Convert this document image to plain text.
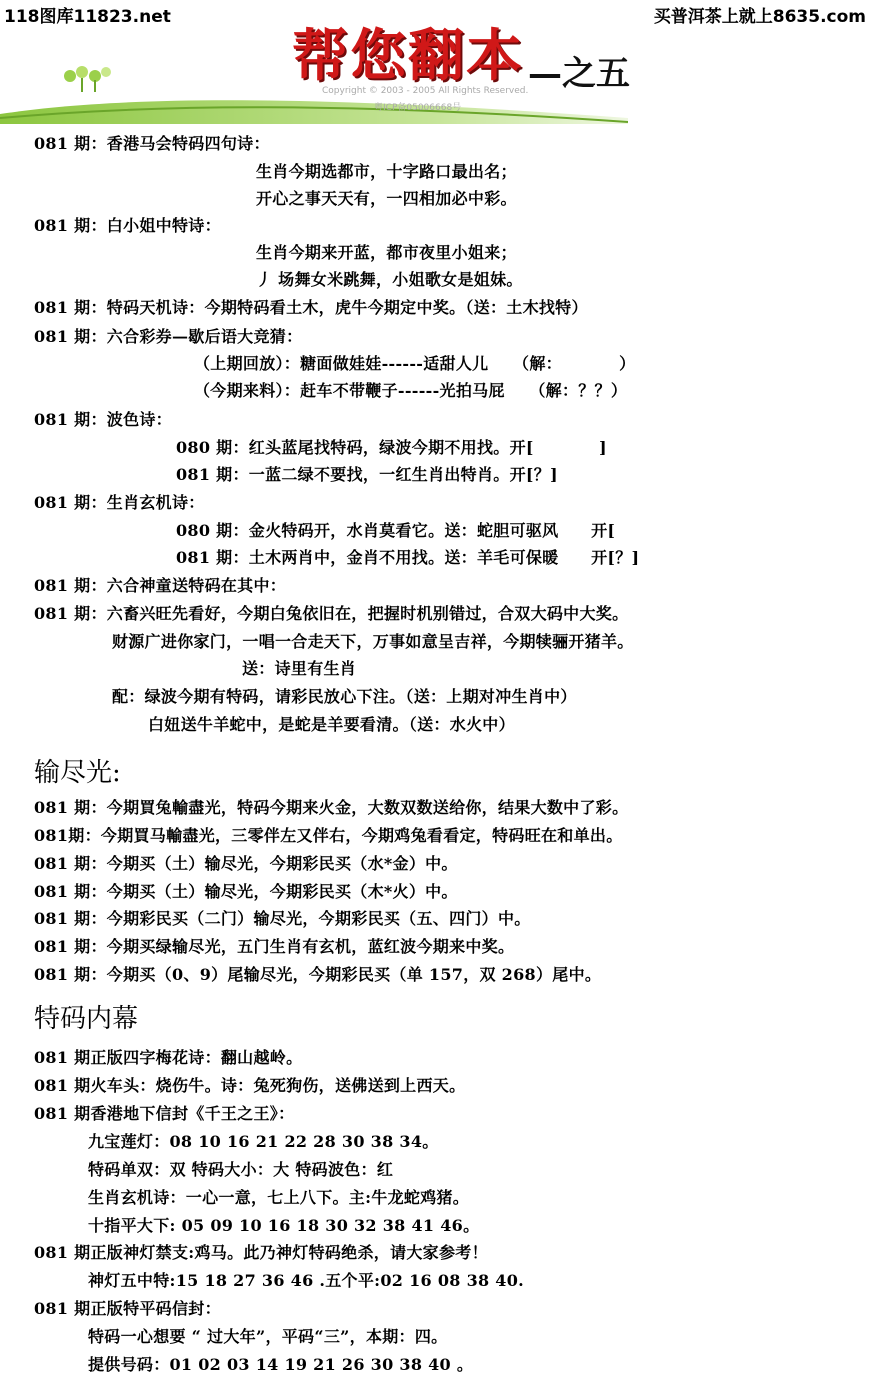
118图库11823.net	买普洱茶上就上8635.com
帮您翻本 —之五
Copyright © 2003 - 2005 All Rights Reserved.
粤ICP备05006668号
081 期：香港马会特码四句诗：
生肖今期选都市，十字路口最出名；
开心之事天天有，一四相加必中彩。
081 期：白小姐中特诗：
生肖今期来开蓝，都市夜里小姐来；
丿 场舞女米跳舞，小姐歌女是姐妹。
081 期：特码天机诗：今期特码看土木，虎牛今期定中奖。（送：土木找特）
081 期：六合彩券—歇后语大竞猜：
（上期回放）：糖面做娃娃------适甜人儿　　（解：　　　　）
（今期来料）：赶车不带鞭子------光拍马屁　　（解：？？）
081 期：波色诗：
080 期：红头蓝尾找特码，绿波今期不用找。开[　　　　]
081 期：一蓝二绿不要找，一红生肖出特肖。开[？]
081 期：生肖玄机诗：
080 期：金火特码开，水肖莫看它。送：蛇胆可驱风　　开[
081 期：土木两肖中，金肖不用找。送：羊毛可保暖　　开[？]
081 期：六合神童送特码在其中：
081 期：六畜兴旺先看好，今期白兔依旧在，把握时机别错过，合双大码中大奖。
财源广进你家门，一唱一合走天下，万事如意呈吉祥，今期犊骊开猪羊。
送：诗里有生肖
配：绿波今期有特码，请彩民放心下注。（送：上期对冲生肖中）
白妞送牛羊蛇中，是蛇是羊要看清。（送：水火中）
输尽光:
081 期：今期買兔輸盡光，特码今期来火金，大数双数送给你，结果大数中了彩。
081期：今期買马輸盡光，三零伴左又伴右，今期鸡兔看看定，特码旺在和单出。
081 期：今期买（土）输尽光，今期彩民买（水*金）中。
081 期：今期买（土）输尽光，今期彩民买（木*火）中。
081 期：今期彩民买（二门）输尽光，今期彩民买（五、四门）中。
081 期：今期买绿输尽光，五门生肖有玄机，蓝红波今期来中奖。
081 期：今期买（0、9）尾输尽光，今期彩民买（单 157，双 268）尾中。
特码内幕
081 期正版四字梅花诗：翻山越岭。
081 期火车头：烧伤牛。诗：兔死狗伤，送佛送到上西天。
081 期香港地下信封《千王之王》：
九宝莲灯：08 10 16 21 22 28 30 38 34。
特码单双：双 特码大小：大 特码波色：红
生肖玄机诗：一心一意，七上八下。主:牛龙蛇鸡猪。
十指平大下: 05 09 10 16 18 30 32 38 41 46。
081 期正版神灯禁支:鸡马。此乃神灯特码绝杀，请大家参考！
神灯五中特:15 18 27 36 46 .五个平:02 16 08 38 40.
081 期正版特平码信封：
特码一心想要 “ 过大年”，平码“三”，本期：四。
提供号码：01 02 03 14 19 21 26 30 38 40 。
